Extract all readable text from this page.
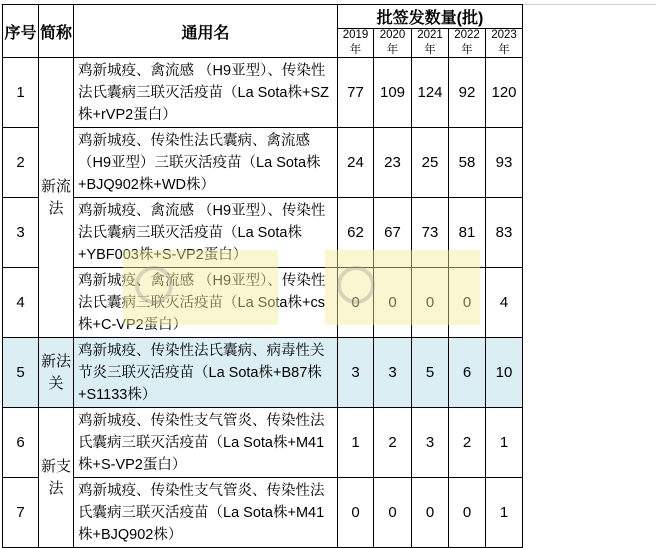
序号	简称	通用名	批签发数量(批)				
			2019年	2020年	2021年	2022年	2023年
1	新流法	鸡新城疫、禽流感 （H9亚型）、传染性法氏囊病三联灭活疫苗（La Sota株+SZ株+rVP2蛋白）	77	109	124	92	120
2		鸡新城疫、传染性法氏囊病、禽流感（H9亚型）三联灭活疫苗（La Sota株+BJQ902株+WD株）	24	23	25	58	93
3		鸡新城疫、禽流感 （H9亚型）、传染性法氏囊病三联灭活疫苗（La Sota株+YBF003株+S-VP2蛋白）	62	67	73	81	83
4		鸡新城疫、禽流感 （H9亚型）、传染性法氏囊病三联灭活疫苗（La Sota株+cs株+C-VP2蛋白）	0	0	0	0	4
5	新法关	鸡新城疫、传染性法氏囊病、病毒性关节炎三联灭活疫苗（La Sota株+B87株+S1133株）	3	3	5	6	10
6	新支法	鸡新城疫、传染性支气管炎、传染性法氏囊病三联灭活疫苗（La Sota株+M41株+S-VP2蛋白）	1	2	3	2	1
7		鸡新城疫、传染性支气管炎、传染性法氏囊病三联灭活疫苗（La Sota株+M41株+BJQ902株）	0	0	0	0	1
